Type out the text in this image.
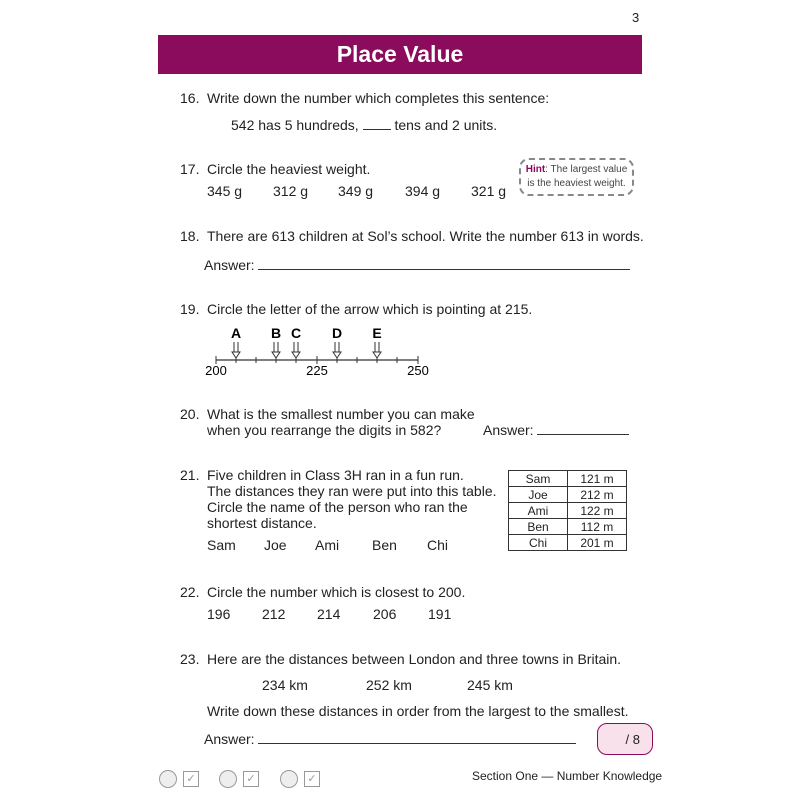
3
Place Value
16. Write down the number which completes this sentence:
542 has 5 hundreds,	tens and 2 units.
17. Circle the heaviest weight.
345 g 312 g 349 g 394 g 321 g
Hint: The largest value
is the heaviest weight.
18. There are 613 children at Sol’s school. Write the number 613 in words.
Answer:
19. Circle the letter of the arrow which is pointing at 215.
A B C D E
200	225	250
20. What is the smallest number you can make
when you rearrange the digits in 582?	Answer:
21. Five children in Class 3H ran in a fun run.
The distances they ran were put into this table.
Circle the name of the person who ran the
shortest distance.
Sam Joe Ami Ben Chi
Sam	121 m
Joe	212 m
Ami	122 m
Ben	112 m
Chi	201 m
22. Circle the number which is closest to 200.
196 212 214 206 191
23. Here are the distances between London and three towns in Britain.
234 km	252 km	245 km
Write down these distances in order from the largest to the smallest.
Answer:	/ 8
✓	✓	✓	Section One — Number Knowledge
